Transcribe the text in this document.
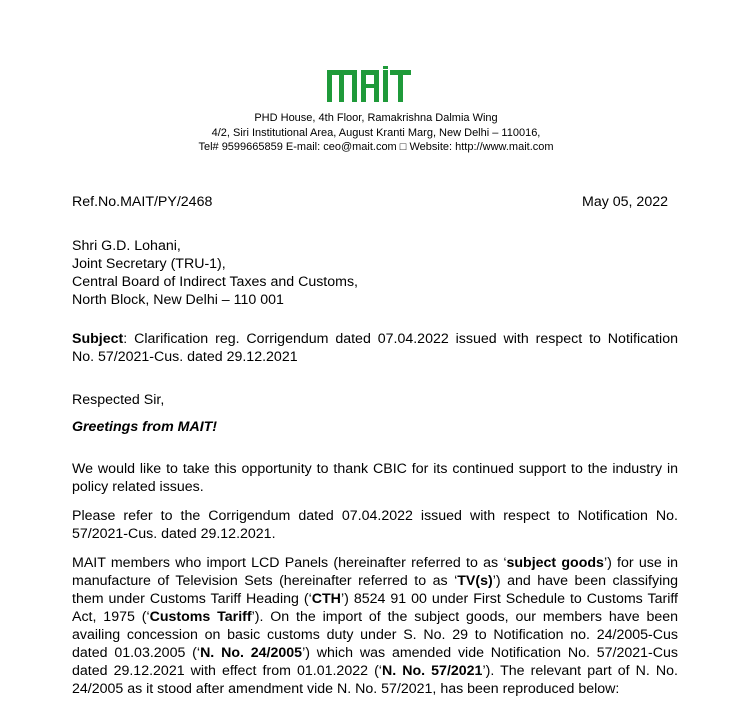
PHD House, 4th Floor, Ramakrishna Dalmia Wing
4/2, Siri Institutional Area, August Kranti Marg, New Delhi – 110016,
Tel# 9599665859 E-mail: ceo@mait.com □ Website: http://www.mait.com
Ref.No.MAIT/PY/2468	May 05, 2022
Shri G.D. Lohani,
Joint Secretary (TRU-1),
Central Board of Indirect Taxes and Customs,
North Block, New Delhi – 110 001
Subject: Clarification reg. Corrigendum dated 07.04.2022 issued with respect to Notification
No. 57/2021-Cus. dated 29.12.2021
Respected Sir,
Greetings from MAIT!
We would like to take this opportunity to thank CBIC for its continued support to the industry in
policy related issues.
Please refer to the Corrigendum dated 07.04.2022 issued with respect to Notification No.
57/2021-Cus. dated 29.12.2021.
MAIT members who import LCD Panels (hereinafter referred to as ‘subject goods’) for use in
manufacture of Television Sets (hereinafter referred to as ‘TV(s)’) and have been classifying
them under Customs Tariff Heading (‘CTH’) 8524 91 00 under First Schedule to Customs Tariff
Act, 1975 (‘Customs Tariff’). On the import of the subject goods, our members have been
availing concession on basic customs duty under S. No. 29 to Notification no. 24/2005-Cus
dated 01.03.2005 (‘N. No. 24/2005’) which was amended vide Notification No. 57/2021-Cus
dated 29.12.2021 with effect from 01.01.2022 (‘N. No. 57/2021’). The relevant part of N. No.
24/2005 as it stood after amendment vide N. No. 57/2021, has been reproduced below:
